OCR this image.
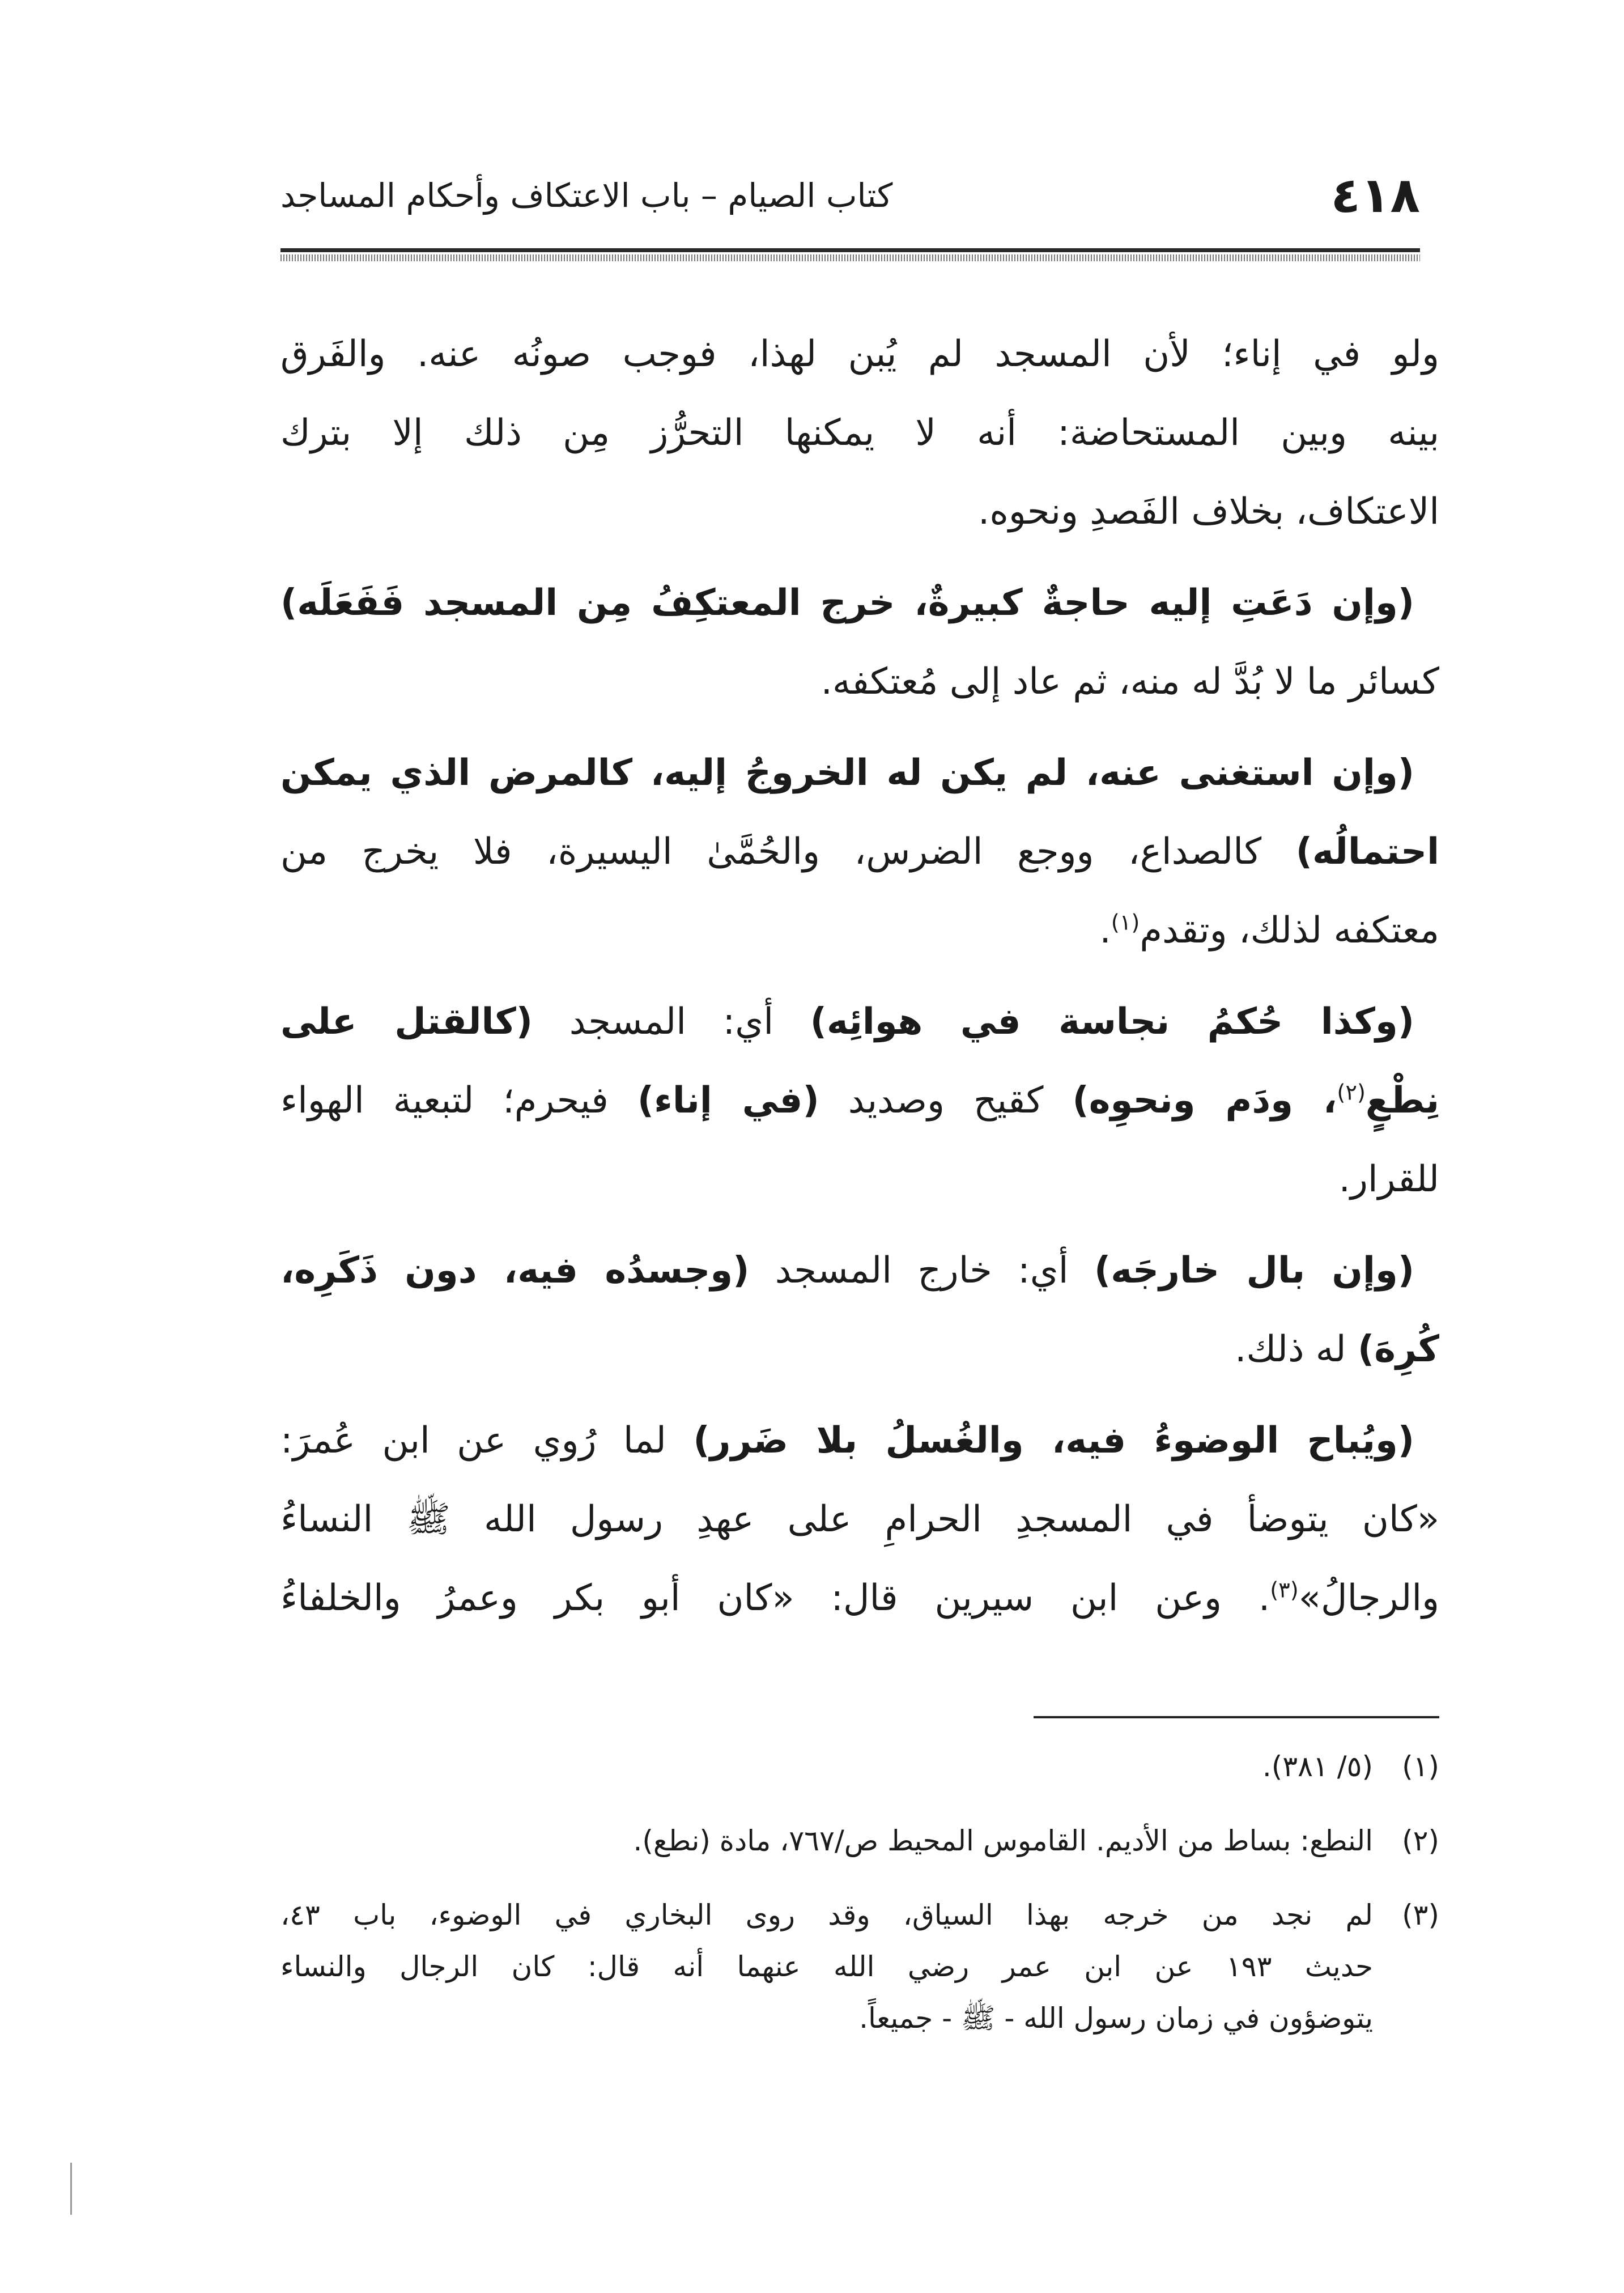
٤١٨
كتاب الصيام – باب الاعتكاف وأحكام المساجد
ولو في إناء؛ لأن المسجد لم يُبن لهذا، فوجب صونُه عنه. والفَرق
بينه وبين المستحاضة: أنه لا يمكنها التحرُّز مِن ذلك إلا بترك
الاعتكاف، بخلاف الفَصدِ ونحوه.
(وإن دَعَتِ إليه حاجةٌ كبيرةٌ، خرج المعتكِفُ مِن المسجد فَفَعَلَه)
كسائر ما لا بُدَّ له منه، ثم عاد إلى مُعتكفه.
(وإن استغنى عنه، لم يكن له الخروجُ إليه، كالمرض الذي يمكن
احتمالُه) كالصداع، ووجع الضرس، والحُمَّىٰ اليسيرة، فلا يخرج من
معتكفه لذلك، وتقدم$^{(١)}$.
(وكذا حُكمُ نجاسة في هوائِه) أي: المسجد (كالقتل على
نِطْعٍ$^{(٢)}$، ودَم ونحوِه) كقيح وصديد (في إناء) فيحرم؛ لتبعية الهواء
للقرار.
(وإن بال خارجَه) أي: خارج المسجد (وجسدُه فيه، دون ذَكَرِه،
كُرِهَ) له ذلك.
(ويُباح الوضوءُ فيه، والغُسلُ بلا ضَرر) لما رُوي عن ابن عُمرَ:
«كان يتوضأ في المسجدِ الحرامِ على عهدِ رسول الله ﷺ النساءُ
والرجالُ»$^{(٣)}$. وعن ابن سيرين قال: «كان أبو بكر وعمرُ والخلفاءُ
(١)
(٥/ ٣٨١).
(٢)
النطع: بساط من الأديم. القاموس المحيط ص/٧٦٧، مادة (نطع).
(٣)
لم نجد من خرجه بهذا السياق، وقد روى البخاري في الوضوء، باب ٤٣،
حديث ١٩٣ عن ابن عمر رضي الله عنهما أنه قال: كان الرجال والنساء
يتوضؤون في زمان رسول الله - ﷺ - جميعاً.
